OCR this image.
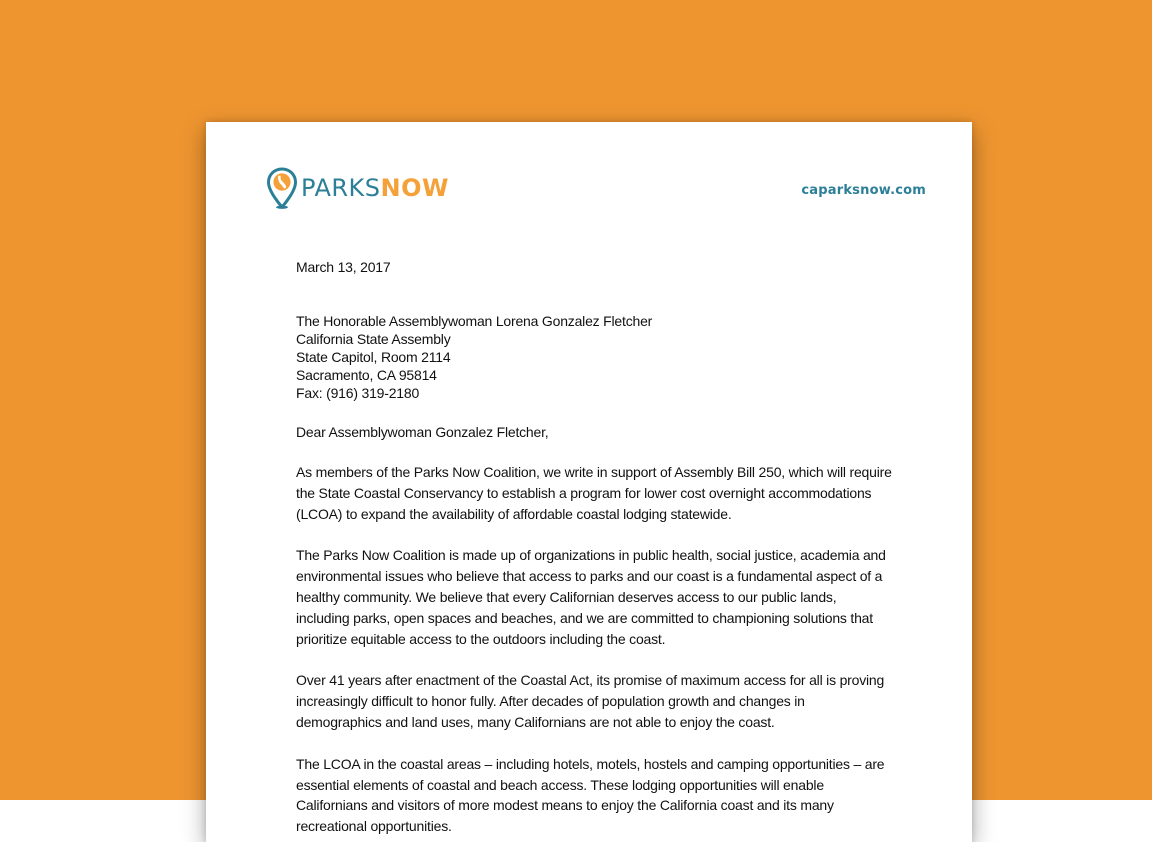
PARKSNOW	caparksnow.com

March 13, 2017

The Honorable Assemblywoman Lorena Gonzalez Fletcher
California State Assembly
State Capitol, Room 2114
Sacramento, CA 95814
Fax: (916) 319-2180

Dear Assemblywoman Gonzalez Fletcher,

As members of the Parks Now Coalition, we write in support of Assembly Bill 250, which will require the State Coastal Conservancy to establish a program for lower cost overnight accommodations (LCOA) to expand the availability of affordable coastal lodging statewide.

The Parks Now Coalition is made up of organizations in public health, social justice, academia and environmental issues who believe that access to parks and our coast is a fundamental aspect of a healthy community. We believe that every Californian deserves access to our public lands, including parks, open spaces and beaches, and we are committed to championing solutions that prioritize equitable access to the outdoors including the coast.

Over 41 years after enactment of the Coastal Act, its promise of maximum access for all is proving increasingly difficult to honor fully. After decades of population growth and changes in demographics and land uses, many Californians are not able to enjoy the coast.

The LCOA in the coastal areas – including hotels, motels, hostels and camping opportunities – are essential elements of coastal and beach access. These lodging opportunities will enable Californians and visitors of more modest means to enjoy the California coast and its many recreational opportunities.
